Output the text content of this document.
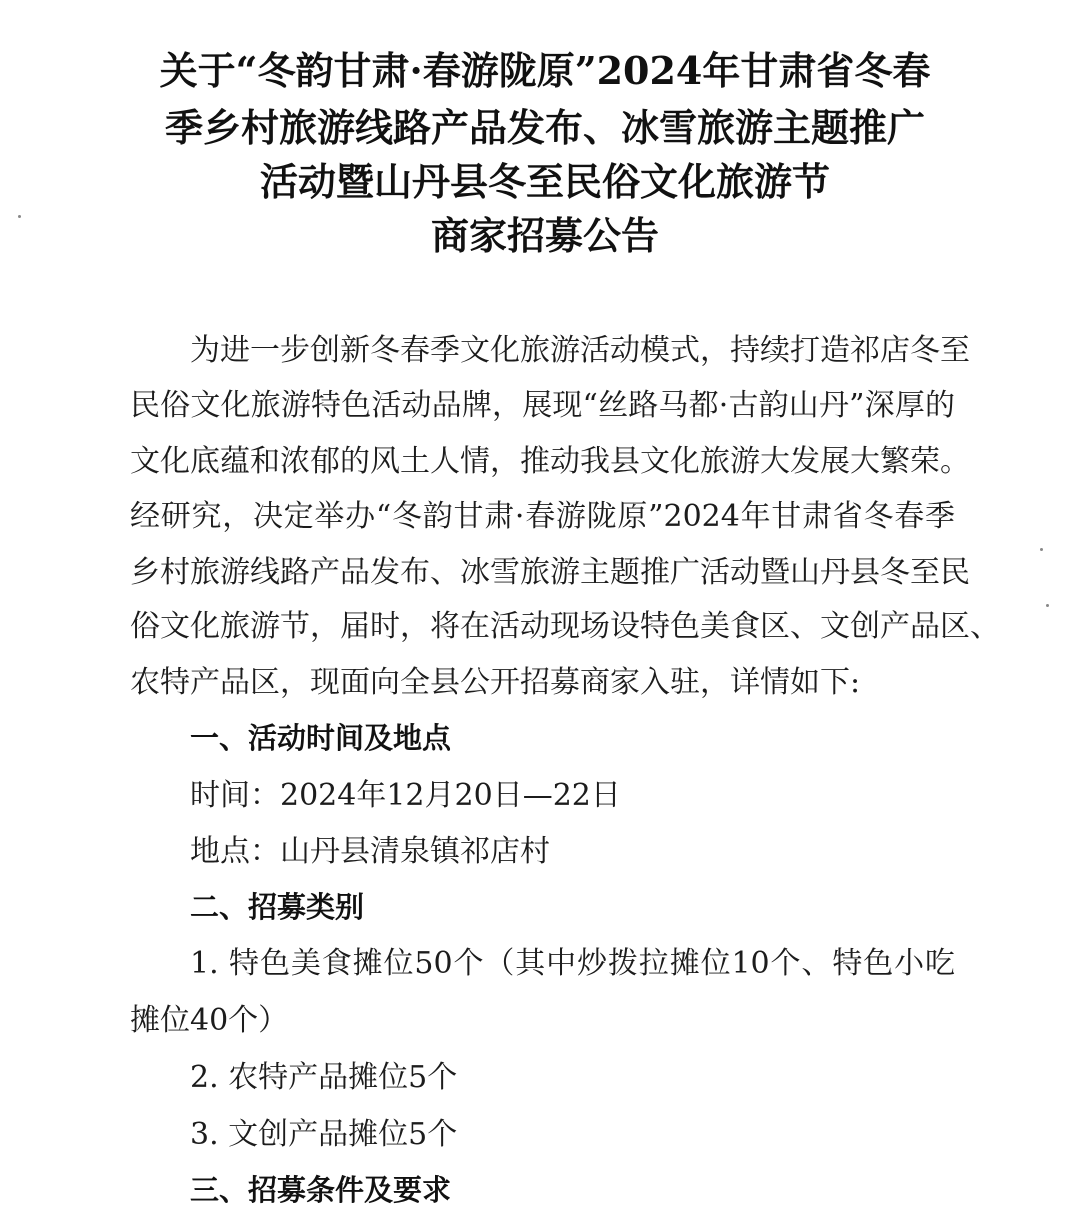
关于“冬韵甘肃·春游陇原”2024年甘肃省冬春
季乡村旅游线路产品发布、冰雪旅游主题推广
活动暨山丹县冬至民俗文化旅游节
商家招募公告
为进一步创新冬春季文化旅游活动模式，持续打造祁店冬至
民俗文化旅游特色活动品牌，展现“丝路马都·古韵山丹”深厚的
文化底蕴和浓郁的风土人情，推动我县文化旅游大发展大繁荣。
经研究，决定举办“冬韵甘肃·春游陇原”2024年甘肃省冬春季
乡村旅游线路产品发布、冰雪旅游主题推广活动暨山丹县冬至民
俗文化旅游节，届时，将在活动现场设特色美食区、文创产品区、
农特产品区，现面向全县公开招募商家入驻，详情如下:
一、活动时间及地点
时间：2024年12月20日—22日
地点：山丹县清泉镇祁店村
二、招募类别
1. 特色美食摊位50个（其中炒拨拉摊位10个、特色小吃
摊位40个）
2. 农特产品摊位5个
3. 文创产品摊位5个
三、招募条件及要求
